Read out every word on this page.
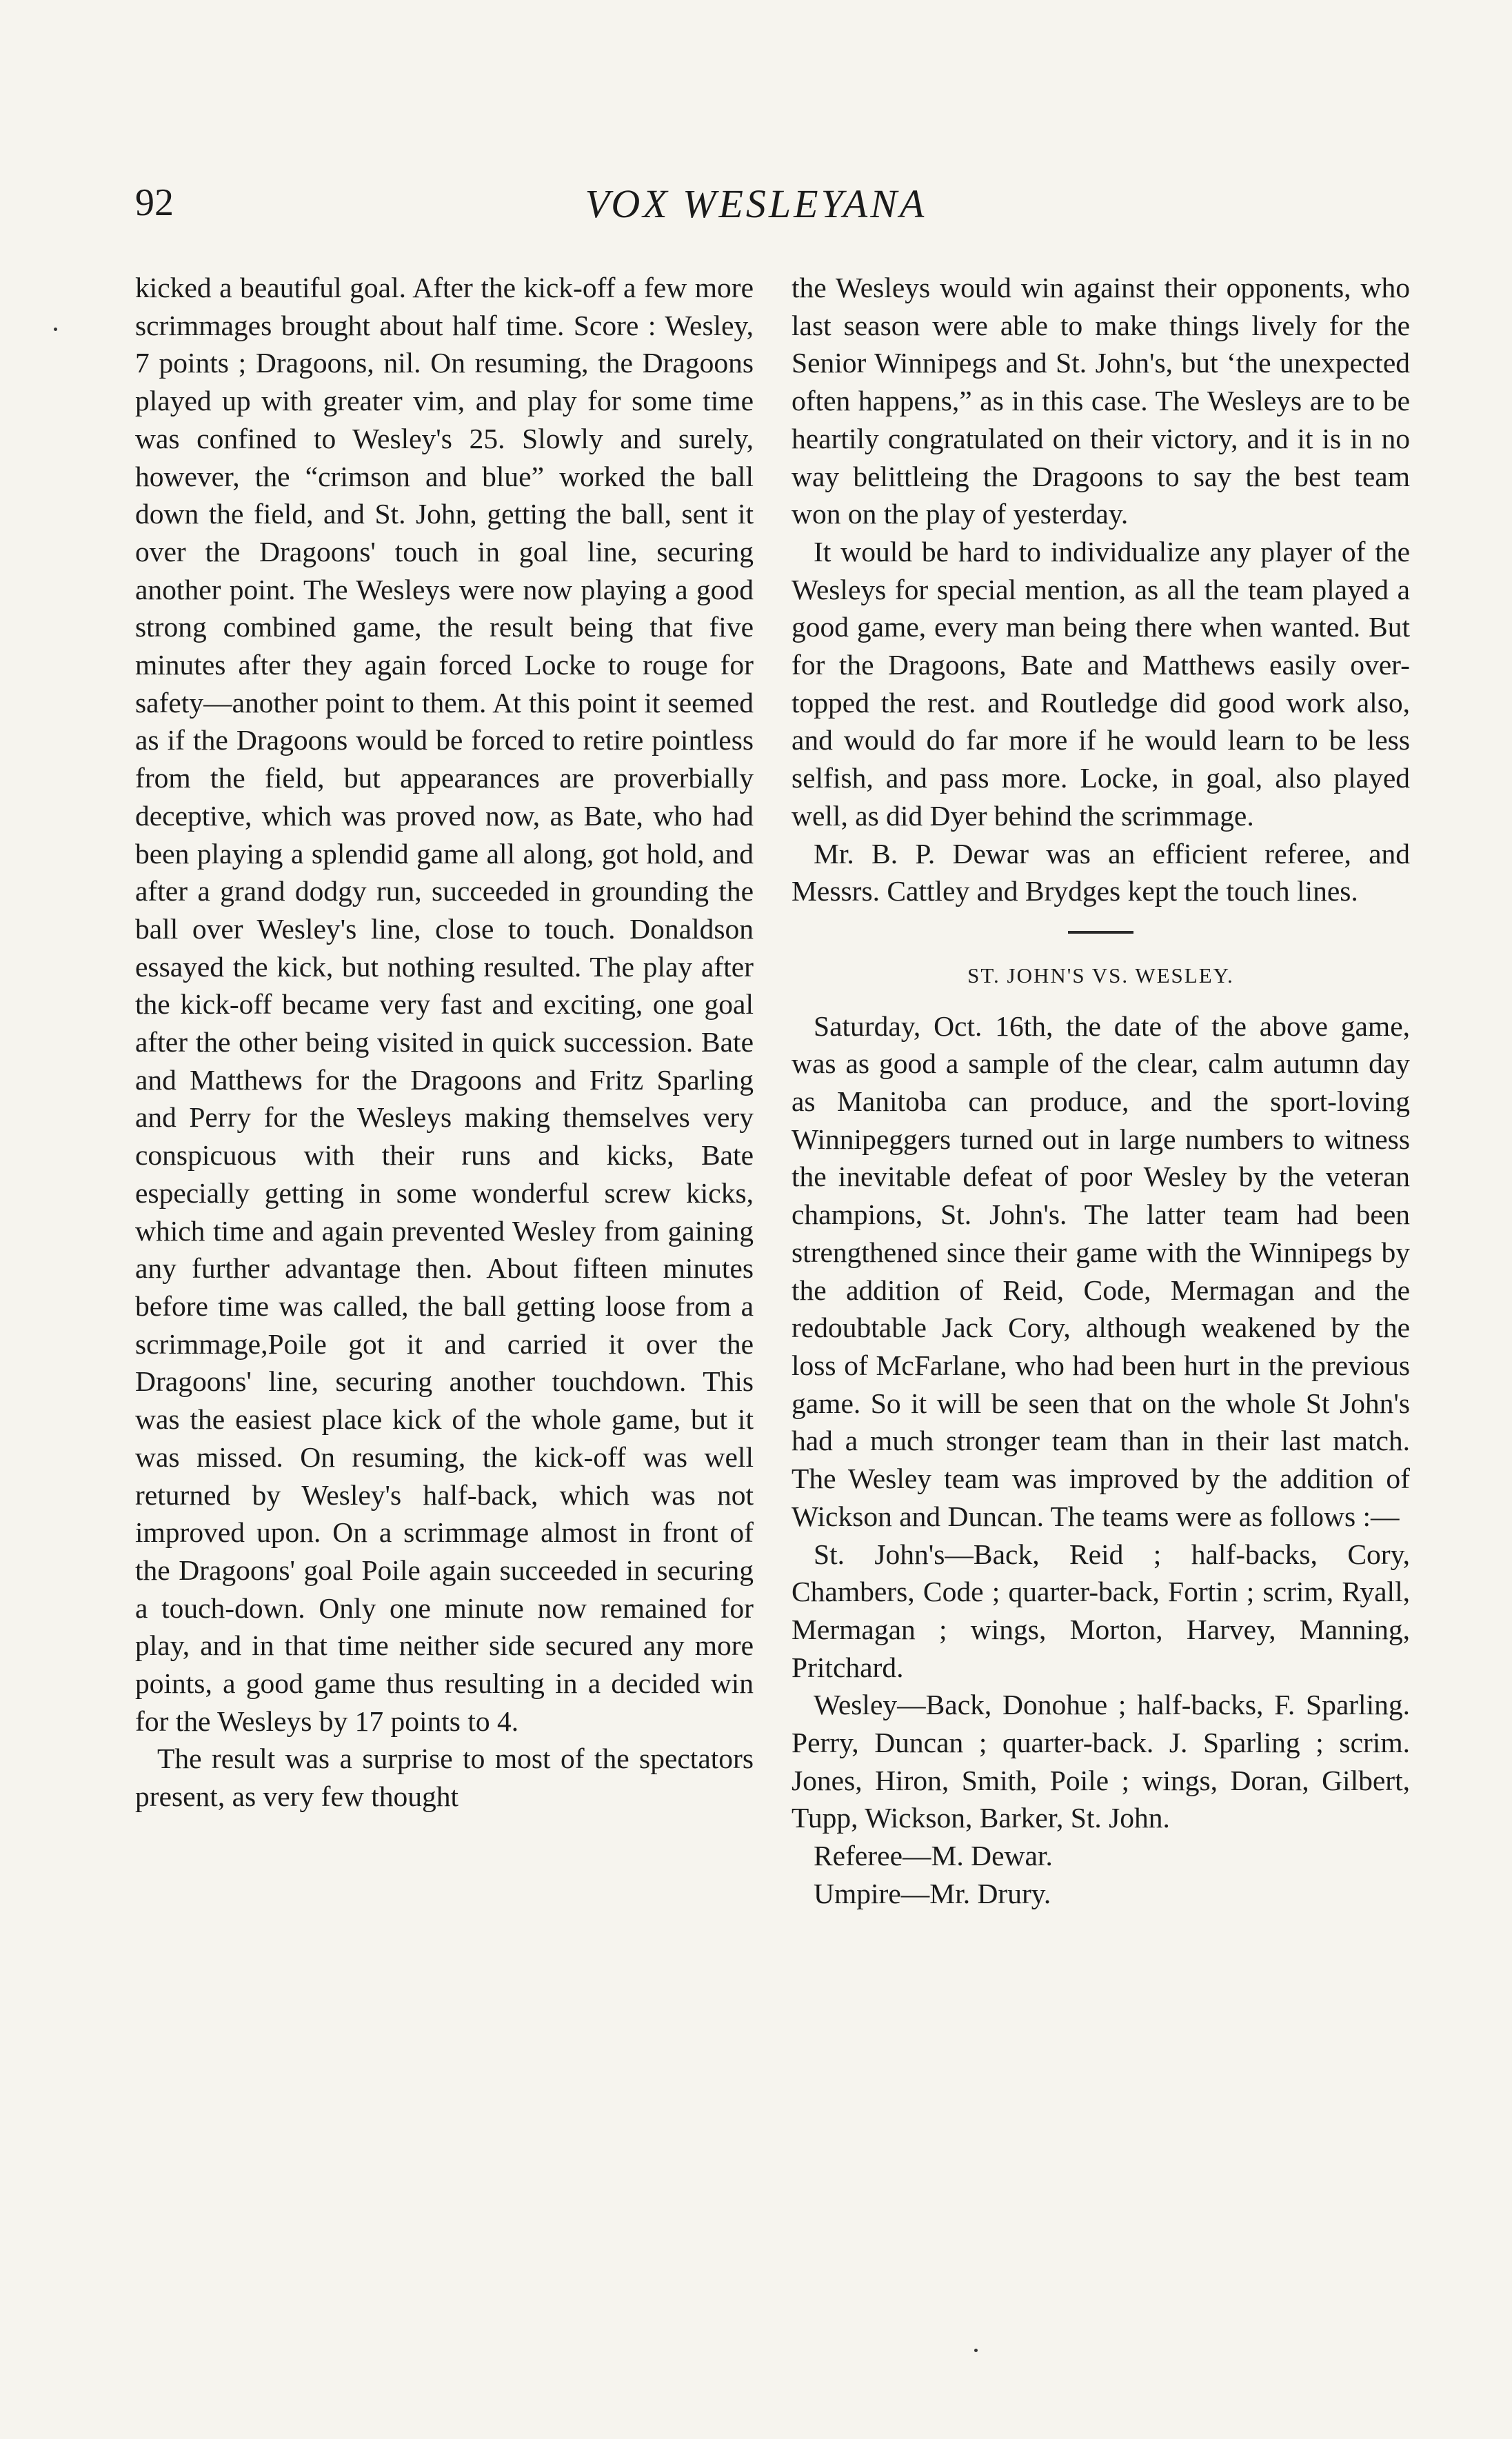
92	VOX WESLEYANA

kicked a beautiful goal. After the kick-off a few more scrimmages brought about half time. Score : Wesley, 7 points ; Dragoons, nil. On resuming, the Dragoons played up with greater vim, and play for some time was confined to Wesley's 25. Slowly and surely, however, the “crimson and blue” worked the ball down the field, and St. John, getting the ball, sent it over the Dragoons' touch in goal line, securing another point. The Wesleys were now playing a good strong combined game, the result being that five minutes after they again forced Locke to rouge for safety—another point to them. At this point it seemed as if the Dragoons would be forced to retire pointless from the field, but appearances are proverbially deceptive, which was proved now, as Bate, who had been playing a splendid game all along, got hold, and after a grand dodgy run, succeeded in grounding the ball over Wesley's line, close to touch. Donaldson essayed the kick, but nothing resulted. The play after the kick-off became very fast and exciting, one goal after the other being visited in quick succession. Bate and Matthews for the Dragoons and Fritz Sparling and Perry for the Wesleys making themselves very conspicuous with their runs and kicks, Bate especially getting in some wonderful screw kicks, which time and again prevented Wesley from gaining any further advantage then. About fifteen minutes before time was called, the ball getting loose from a scrimmage,Poile got it and carried it over the Dragoons' line, securing another touchdown. This was the easiest place kick of the whole game, but it was missed. On resuming, the kick-off was well returned by Wesley's half-back, which was not improved upon. On a scrimmage almost in front of the Dragoons' goal Poile again succeeded in securing a touch-down. Only one minute now remained for play, and in that time neither side secured any more points, a good game thus resulting in a decided win for the Wesleys by 17 points to 4.

The result was a surprise to most of the spectators present, as very few thought

the Wesleys would win against their opponents, who last season were able to make things lively for the Senior Winnipegs and St. John's, but ‘the unexpected often happens,” as in this case. The Wesleys are to be heartily congratulated on their victory, and it is in no way belittleing the Dragoons to say the best team won on the play of yesterday.

It would be hard to individualize any player of the Wesleys for special mention, as all the team played a good game, every man being there when wanted. But for the Dragoons, Bate and Matthews easily over-topped the rest. and Routledge did good work also, and would do far more if he would learn to be less selfish, and pass more. Locke, in goal, also played well, as did Dyer behind the scrimmage.

Mr. B. P. Dewar was an efficient referee, and Messrs. Cattley and Brydges kept the touch lines.

ST. JOHN'S VS. WESLEY.

Saturday, Oct. 16th, the date of the above game, was as good a sample of the clear, calm autumn day as Manitoba can produce, and the sport-loving Winnipeggers turned out in large numbers to witness the inevitable defeat of poor Wesley by the veteran champions, St. John's. The latter team had been strengthened since their game with the Winnipegs by the addition of Reid, Code, Mermagan and the redoubtable Jack Cory, although weakened by the loss of McFarlane, who had been hurt in the previous game. So it will be seen that on the whole St John's had a much stronger team than in their last match. The Wesley team was improved by the addition of Wickson and Duncan. The teams were as follows :—

St. John's—Back, Reid ; half-backs, Cory, Chambers, Code ; quarter-back, Fortin ; scrim, Ryall, Mermagan ; wings, Morton, Harvey, Manning, Pritchard.

Wesley—Back, Donohue ; half-backs, F. Sparling. Perry, Duncan ; quarter-back. J. Sparling ; scrim. Jones, Hiron, Smith, Poile ; wings, Doran, Gilbert, Tupp, Wickson, Barker, St. John.

Referee—M. Dewar.

Umpire—Mr. Drury.
